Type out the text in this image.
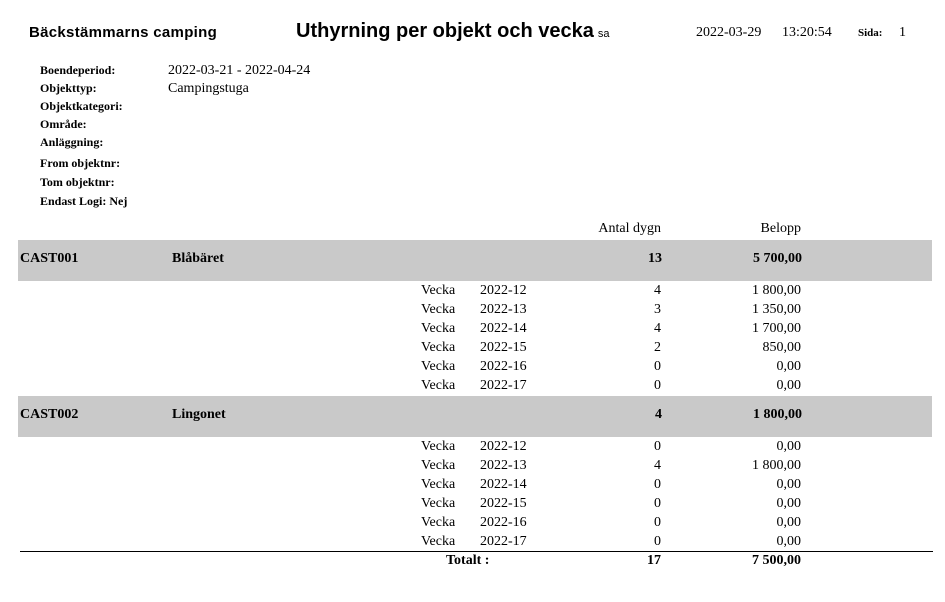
Bäckstämmarns camping	Uthyrning per objekt och vecka sa	2022-03-29 13:20:54 Sida: 1
Boendeperiod:	2022-03-21 - 2022-04-24
Objekttyp:	Campingstuga
Objektkategori:
Område:
Anläggning:
From objektnr:
Tom objektnr:
Endast Logi: Nej
Antal dygn	Belopp
CAST001	Blåbäret	13	5 700,00
Vecka 2022-12	4	1 800,00
Vecka 2022-13	3	1 350,00
Vecka 2022-14	4	1 700,00
Vecka 2022-15	2	850,00
Vecka 2022-16	0	0,00
Vecka 2022-17	0	0,00
CAST002	Lingonet	4	1 800,00
Vecka 2022-12	0	0,00
Vecka 2022-13	4	1 800,00
Vecka 2022-14	0	0,00
Vecka 2022-15	0	0,00
Vecka 2022-16	0	0,00
Vecka 2022-17	0	0,00
Totalt :	17	7 500,00
